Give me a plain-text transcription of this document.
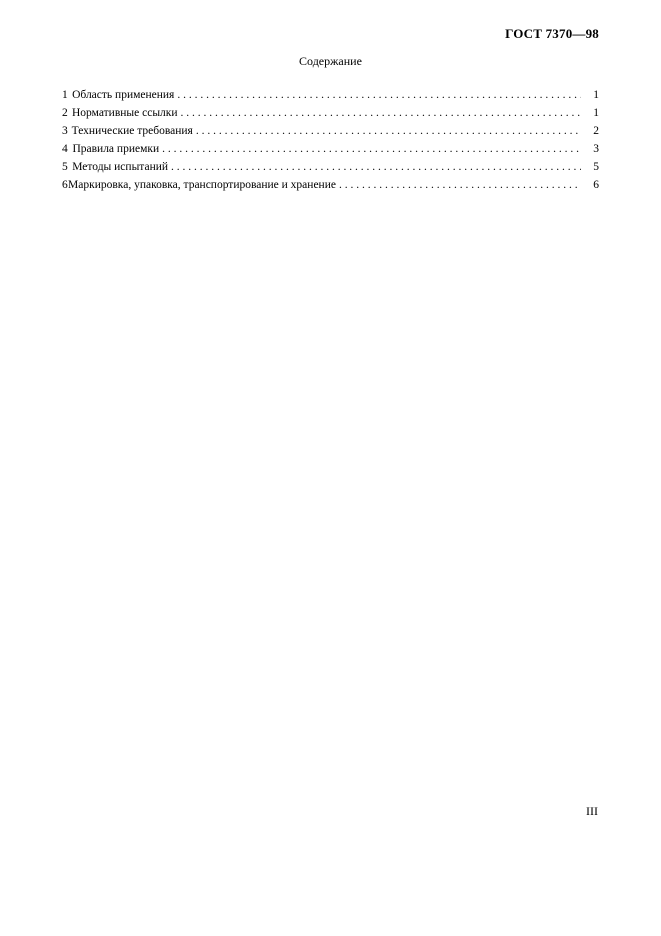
ГОСТ 7370—98
Содержание
1 Область применения . . .	1
2 Нормативные ссылки . . .	1
3 Технические требования . . .	2
4 Правила приемки . . .	3
5 Методы испытаний . . .	5
6 Маркировка, упаковка, транспортирование и хранение . . .	6
III
